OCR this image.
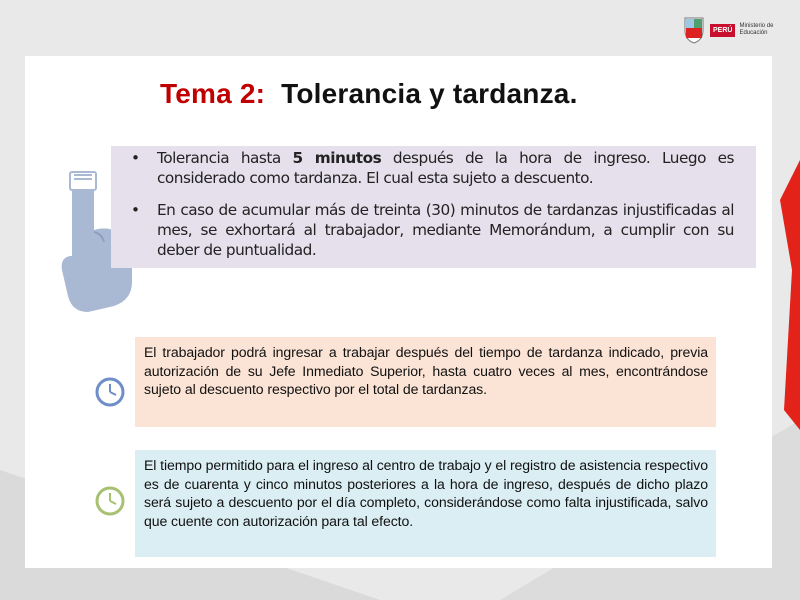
PERÚ
Ministerio de Educación
Tema 2: Tolerancia y tardanza.
• Tolerancia hasta 5 minutos después de la hora de ingreso. Luego es considerado como tardanza. El cual esta sujeto a descuento.
• En caso de acumular más de treinta (30) minutos de tardanzas injustificadas al mes, se exhortará al trabajador, mediante Memorándum, a cumplir con su deber de puntualidad.

El trabajador podrá ingresar a trabajar después del tiempo de tardanza indicado, previa autorización de su Jefe Inmediato Superior, hasta cuatro veces al mes, encontrándose sujeto al descuento respectivo por el total de tardanzas.

El tiempo permitido para el ingreso al centro de trabajo y el registro de asistencia respectivo es de cuarenta y cinco minutos posteriores a la hora de ingreso, después de dicho plazo será sujeto a descuento por el día completo, considerándose como falta injustificada, salvo que cuente con autorización para tal efecto.
